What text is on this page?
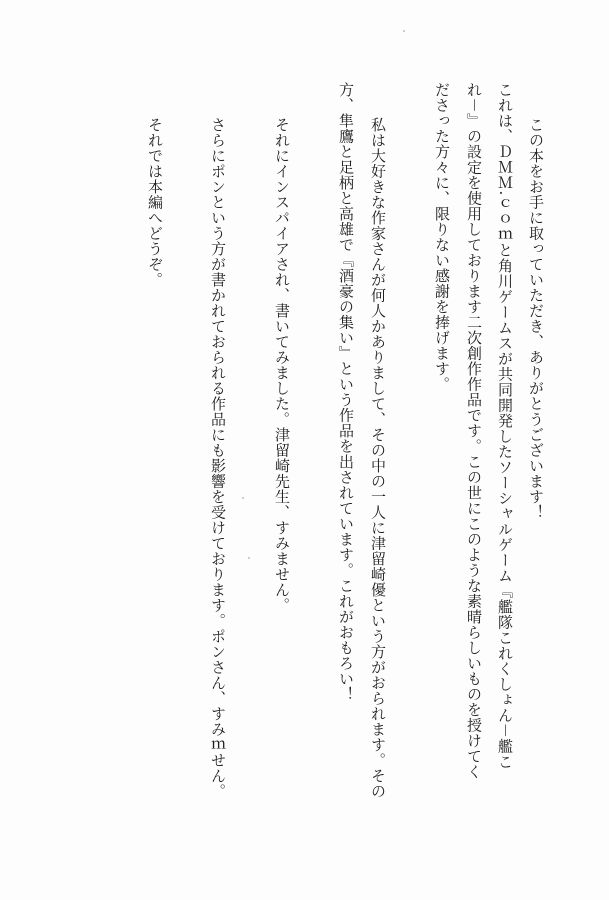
この本をお手に取っていただき、ありがとうございます！
これは、ＤＭＭ.ｃｏｍと角川ゲームスが共同開発したソーシャルゲーム『艦隊これくしょん－艦こ
れ－』の設定を使用しております二次創作作品です。この世にこのような素晴らしいものを授けてく
ださった方々に、限りない感謝を捧げます。
私は大好きな作家さんが何人かありまして、その中の一人に津留崎優という方がおられます。その
方、隼鷹と足柄と高雄で『酒豪の集い』という作品を出されています。これがおもろい！
それにインスパイアされ、書いてみました。津留崎先生、すみません。
さらにポンという方が書かれておられる作品にも影響を受けております。ポンさん、すみｍせん。
それでは本編へどうぞ。
